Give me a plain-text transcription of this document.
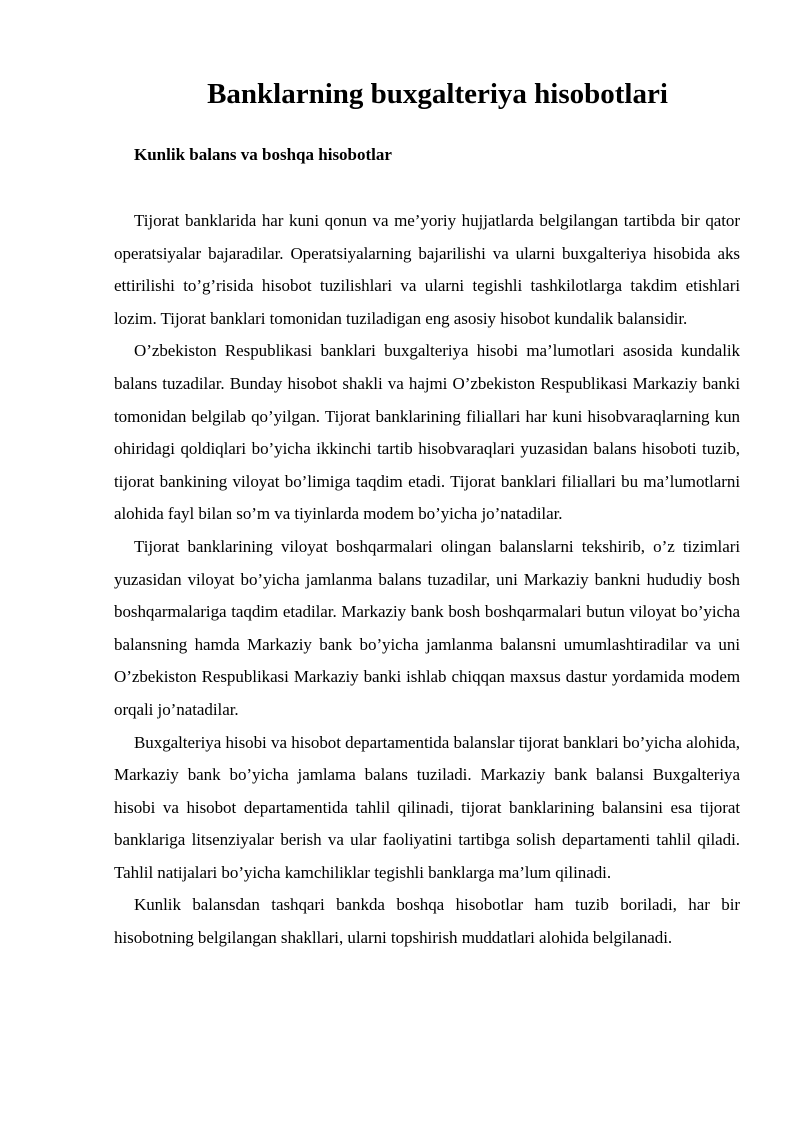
Banklarning buxgalteriya hisobotlari
Kunlik balans va boshqa hisobotlar

Tijorat banklarida har kuni qonun va me’yoriy hujjatlarda belgilangan tartibda bir qator operatsiyalar bajaradilar. Operatsiyalarning bajarilishi va ularni buxgalteriya hisobida aks ettirilishi to’g’risida hisobot tuzilishlari va ularni tegishli tashkilotlarga takdim etishlari lozim. Tijorat banklari tomonidan tuziladigan eng asosiy hisobot kundalik balansidir.

O’zbekiston Respublikasi banklari buxgalteriya hisobi ma’lumotlari asosida kundalik balans tuzadilar. Bunday hisobot shakli va hajmi O’zbekiston Respublikasi Markaziy banki tomonidan belgilab qo’yilgan. Tijorat banklarining filiallari har kuni hisobvaraqlarning kun ohiridagi qoldiqlari bo’yicha ikkinchi tartib hisobvaraqlari yuzasidan balans hisoboti tuzib, tijorat bankining viloyat bo’limiga taqdim etadi. Tijorat banklari filiallari bu ma’lumotlarni alohida fayl bilan so’m va tiyinlarda modem bo’yicha jo’natadilar.

Tijorat banklarining viloyat boshqarmalari olingan balanslarni tekshirib, o’z tizimlari yuzasidan viloyat bo’yicha jamlanma balans tuzadilar, uni Markaziy bankni hududiy bosh boshqarmalariga taqdim etadilar. Markaziy bank bosh boshqarmalari butun viloyat bo’yicha balansning hamda Markaziy bank bo’yicha jamlanma balansni umumlashtiradilar va uni O’zbekiston Respublikasi Markaziy banki ishlab chiqqan maxsus dastur yordamida modem orqali jo’natadilar.

Buxgalteriya hisobi va hisobot departamentida balanslar tijorat banklari bo’yicha alohida, Markaziy bank bo’yicha jamlama balans tuziladi. Markaziy bank balansi Buxgalteriya hisobi va hisobot departamentida tahlil qilinadi, tijorat banklarining balansini esa tijorat banklariga litsenziyalar berish va ular faoliyatini tartibga solish departamenti tahlil qiladi. Tahlil natijalari bo’yicha kamchiliklar tegishli banklarga ma’lum qilinadi.

Kunlik balansdan tashqari bankda boshqa hisobotlar ham tuzib boriladi, har bir hisobotning belgilangan shakllari, ularni topshirish muddatlari alohida belgilanadi.
